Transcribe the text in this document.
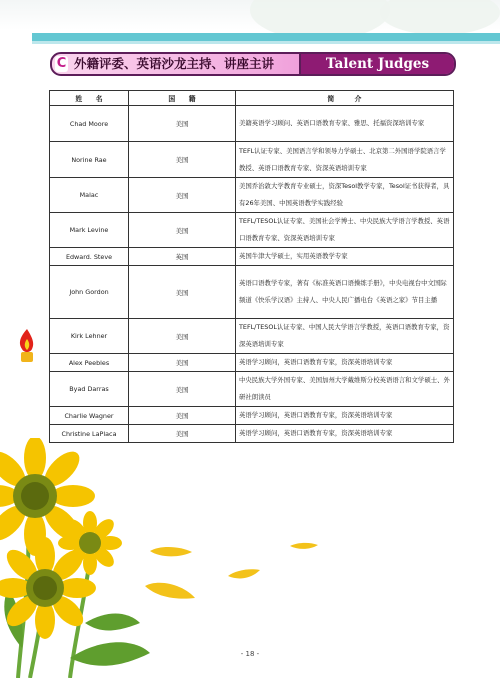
C 外籍评委、英语沙龙主持、讲座主讲	Talent Judges
姓　　名	国　　籍	简　　　介
Chad Moore	美国	美籍英语学习顾问、英语口语教育专家、雅思、托福资深培训专家
Norine Rae	美国	TEFL认证专家、美国语言学和领导力学硕士、北京第二外国语学院语言学教授、英语口语教育专家、资深英语培训专家
Malac	美国	美国乔治敦大学教育专业硕士，资深Tesol教学专家，Tesol证书获得者，具有26年美国、中国英语教学实践经验
Mark Levine	美国	TEFL/TESOL认证专家、美国社会学博士、中央民族大学语言学教授、英语口语教育专家、资深英语培训专家
Edward. Steve	英国	英国牛津大学硕士，实用英语教学专家
John Gordon	美国	英语口语教学专家，著有《标准英语口语操练手册》，中央电视台中文国际频道《快乐学汉语》主持人、中央人民广播电台《英语之家》节目主播
Kirk Lehner	美国	TEFL/TESOL认证专家、中国人民大学语言学教授，英语口语教育专家，资深英语培训专家
Alex Peebles	美国	英语学习顾问，英语口语教育专家，资深英语培训专家
Byad Darras	美国	中央民族大学外国专家、美国加州大学戴维斯分校英语语言和文学硕士、外研社朗读员
Charlie Wagner	美国	英语学习顾问，英语口语教育专家，资深英语培训专家
Christine LaPlaca	美国	英语学习顾问，英语口语教育专家，资深英语培训专家
- 18 -
